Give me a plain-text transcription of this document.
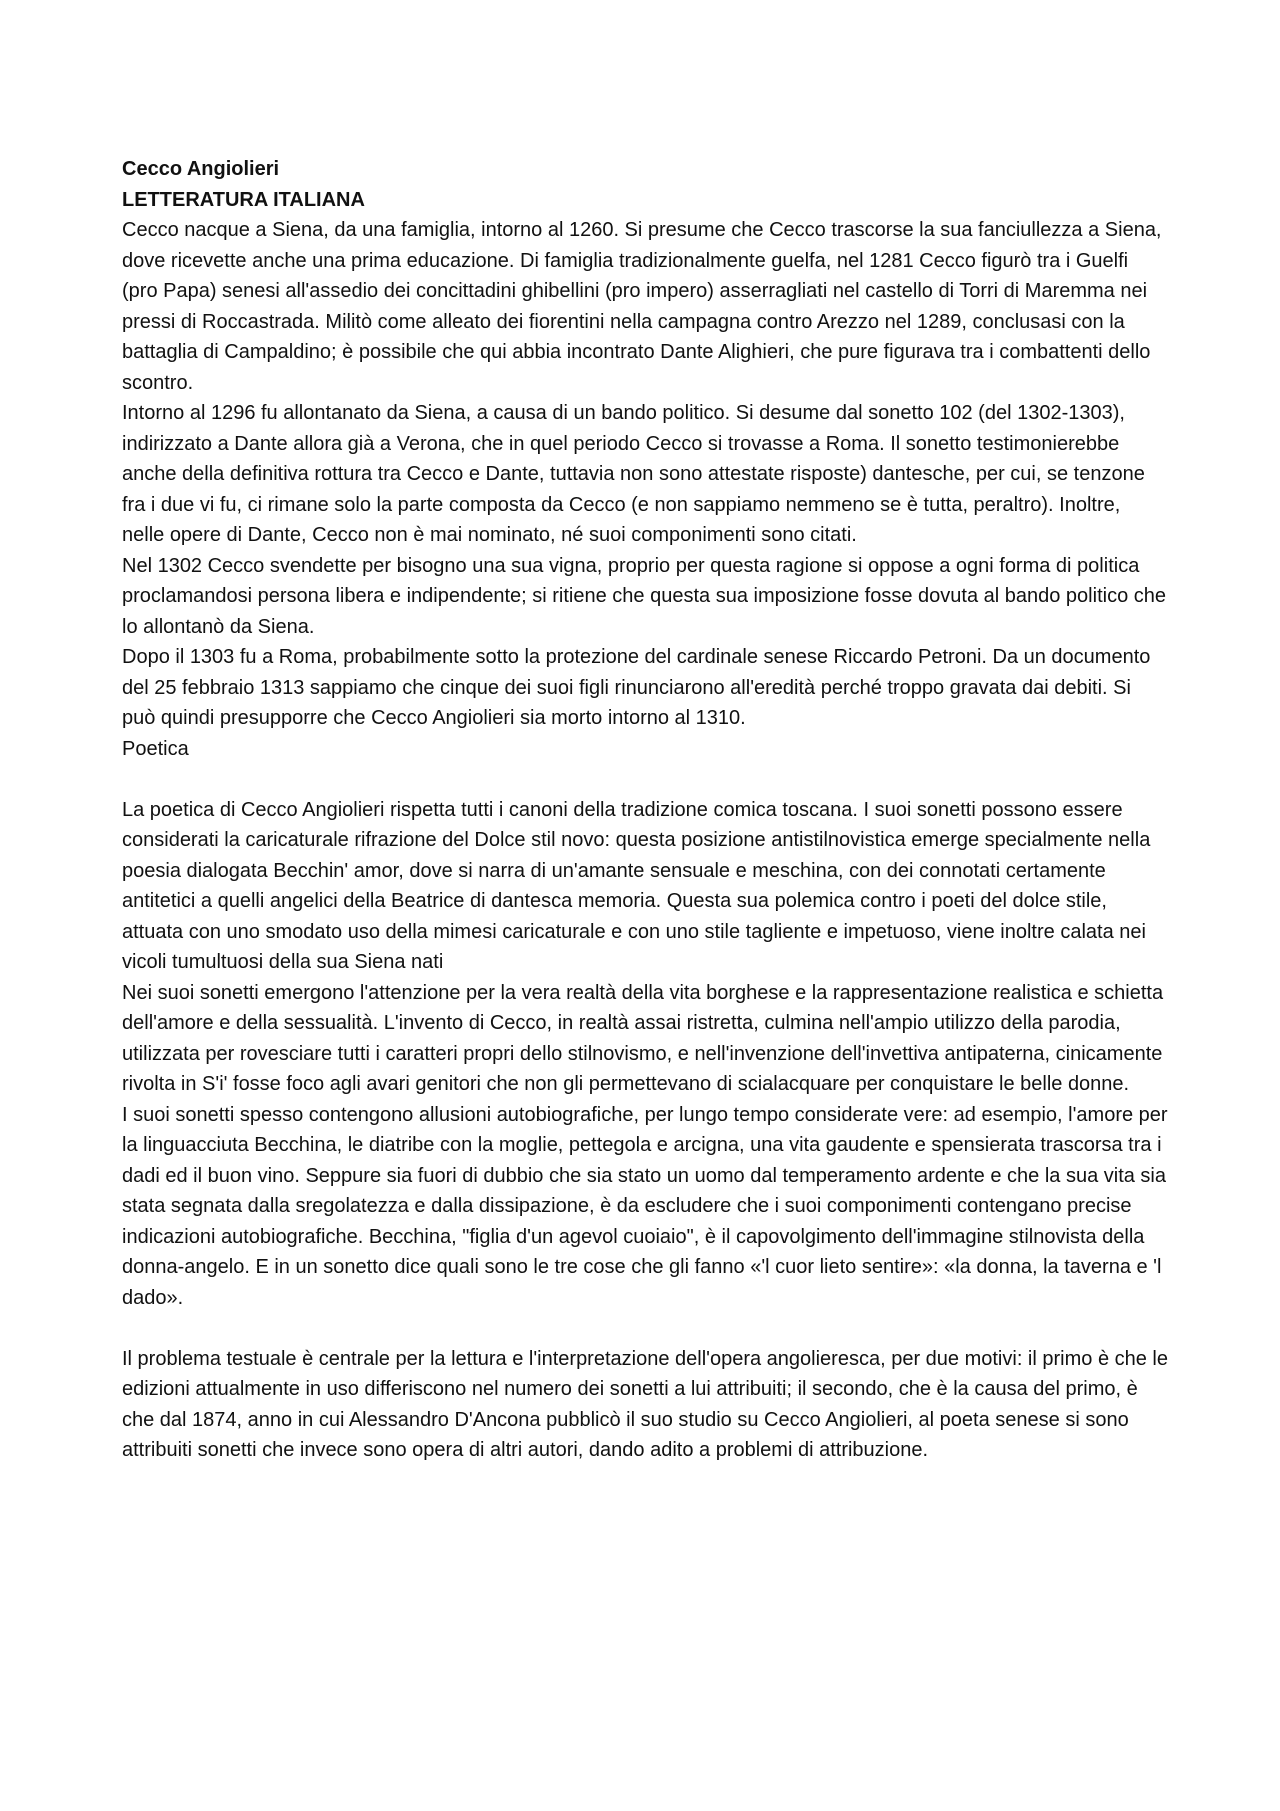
Cecco Angiolieri

LETTERATURA ITALIANA

Cecco nacque a Siena, da una famiglia, intorno al 1260. Si presume che Cecco trascorse la sua fanciullezza a Siena, dove ricevette anche una prima educazione. Di famiglia tradizionalmente guelfa, nel 1281 Cecco figurò tra i Guelfi (pro Papa) senesi all'assedio dei concittadini ghibellini (pro impero) asserragliati nel castello di Torri di Maremma nei pressi di Roccastrada. Militò come alleato dei fiorentini nella campagna contro Arezzo nel 1289, conclusasi con la battaglia di Campaldino; è possibile che qui abbia incontrato Dante Alighieri, che pure figurava tra i combattenti dello scontro.

Intorno al 1296 fu allontanato da Siena, a causa di un bando politico. Si desume dal sonetto 102 (del 1302-1303), indirizzato a Dante allora già a Verona, che in quel periodo Cecco si trovasse a Roma. Il sonetto testimonierebbe anche della definitiva rottura tra Cecco e Dante, tuttavia non sono attestate risposte) dantesche, per cui, se tenzone fra i due vi fu, ci rimane solo la parte composta da Cecco (e non sappiamo nemmeno se è tutta, peraltro). Inoltre, nelle opere di Dante, Cecco non è mai nominato, né suoi componimenti sono citati.

Nel 1302 Cecco svendette per bisogno una sua vigna, proprio per questa ragione si oppose a ogni forma di politica proclamandosi persona libera e indipendente; si ritiene che questa sua imposizione fosse dovuta al bando politico che lo allontanò da Siena.

Dopo il 1303 fu a Roma, probabilmente sotto la protezione del cardinale senese Riccardo Petroni. Da un documento del 25 febbraio 1313 sappiamo che cinque dei suoi figli rinunciarono all'eredità perché troppo gravata dai debiti. Si può quindi presupporre che Cecco Angiolieri sia morto intorno al 1310.

Poetica

La poetica di Cecco Angiolieri rispetta tutti i canoni della tradizione comica toscana. I suoi sonetti possono essere considerati la caricaturale rifrazione del Dolce stil novo: questa posizione antistilnovistica emerge specialmente nella poesia dialogata Becchin' amor, dove si narra di un'amante sensuale e meschina, con dei connotati certamente antitetici a quelli angelici della Beatrice di dantesca memoria. Questa sua polemica contro i poeti del dolce stile, attuata con uno smodato uso della mimesi caricaturale e con uno stile tagliente e impetuoso, viene inoltre calata nei vicoli tumultuosi della sua Siena nati

Nei suoi sonetti emergono l'attenzione per la vera realtà della vita borghese e la rappresentazione realistica e schietta dell'amore e della sessualità. L'invento di Cecco, in realtà assai ristretta, culmina nell'ampio utilizzo della parodia, utilizzata per rovesciare tutti i caratteri propri dello stilnovismo, e nell'invenzione dell'invettiva antipaterna, cinicamente rivolta in S'i' fosse foco agli avari genitori che non gli permettevano di scialacquare per conquistare le belle donne.

I suoi sonetti spesso contengono allusioni autobiografiche, per lungo tempo considerate vere: ad esempio, l'amore per la linguacciuta Becchina, le diatribe con la moglie, pettegola e arcigna, una vita gaudente e spensierata trascorsa tra i dadi ed il buon vino. Seppure sia fuori di dubbio che sia stato un uomo dal temperamento ardente e che la sua vita sia stata segnata dalla sregolatezza e dalla dissipazione, è da escludere che i suoi componimenti contengano precise indicazioni autobiografiche. Becchina, "figlia d'un agevol cuoiaio", è il capovolgimento dell'immagine stilnovista della donna-angelo. E in un sonetto dice quali sono le tre cose che gli fanno «'l cuor lieto sentire»: «la donna, la taverna e 'l dado».

Il problema testuale è centrale per la lettura e l'interpretazione dell'opera angolieresca, per due motivi: il primo è che le edizioni attualmente in uso differiscono nel numero dei sonetti a lui attribuiti; il secondo, che è la causa del primo, è che dal 1874, anno in cui Alessandro D'Ancona pubblicò il suo studio su Cecco Angiolieri, al poeta senese si sono attribuiti sonetti che invece sono opera di altri autori, dando adito a problemi di attribuzione.
